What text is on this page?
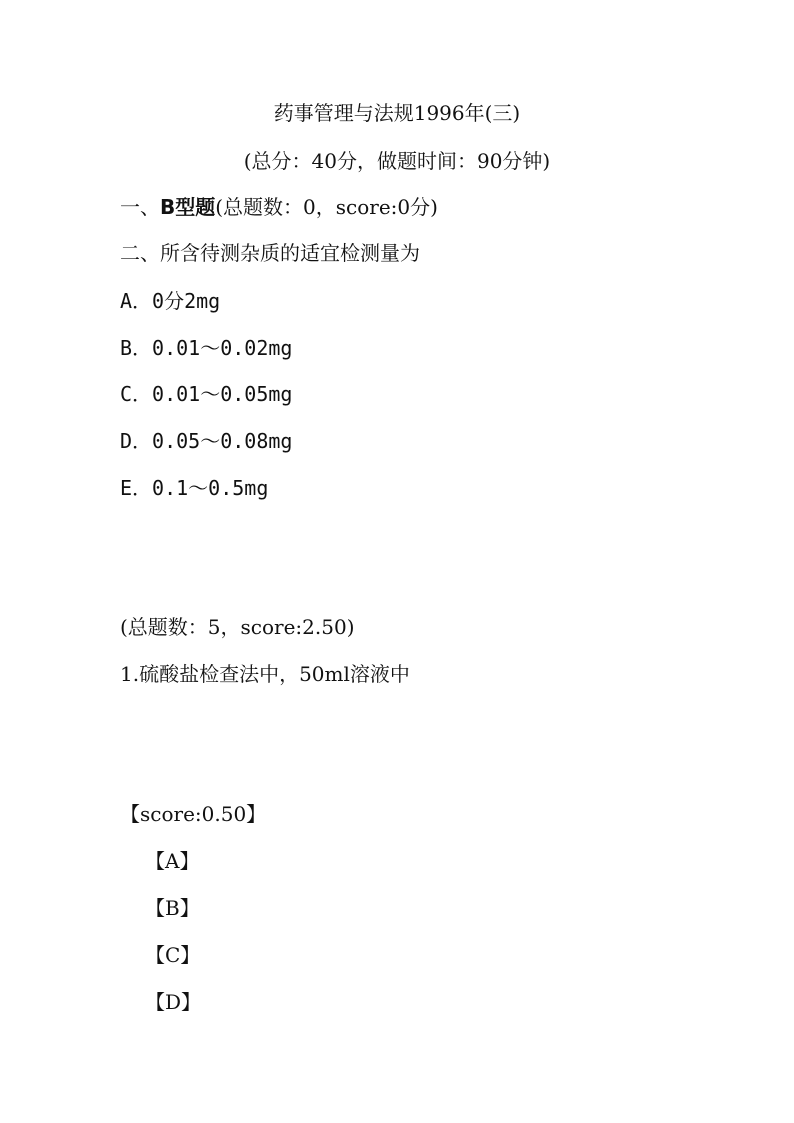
药事管理与法规1996年(三)
(总分：40分，做题时间：90分钟)
一、B型题(总题数：0，score:0分)
二、所含待测杂质的适宜检测量为
A．0分2mg
B．0.01～0.02mg
C．0.01～0.05mg
D．0.05～0.08mg
E．0.1～0.5mg
(总题数：5，score:2.50)
1.硫酸盐检查法中，50ml溶液中
【score:0.50】
【A】
【B】
【C】
【D】
